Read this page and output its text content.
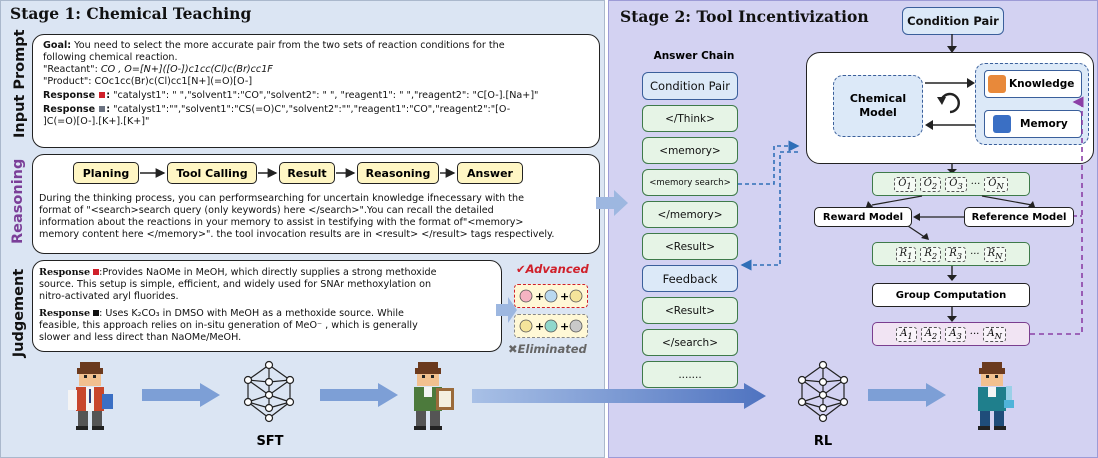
Stage 1: Chemical Teaching
Input Prompt
Reasoning
Judgement
Goal: You need to select the more accurate pair from the two sets of reaction conditions for the
following chemical reaction.
"Reactant": CO , O=[N+]([O-])c1cc(Cl)c(Br)cc1F
"Product": COc1cc(Br)c(Cl)cc1[N+](=O)[O-]
Response : "catalyst1": " ","solvent1":"CO","solvent2": " ", "reagent1": " ","reagent2": "C[O-].[Na+]"
Response : "catalyst1":"","solvent1":"CS(=O)C","solvent2":"","reagent1":"CO","reagent2":"[O-
]C(=O)[O-].[K+].[K+]"
Planing	Tool Calling	Result	Reasoning	Answer
During the thinking process, you can performsearching for uncertain knowledge ifnecessary with the
format of "<search>search query (only keywords) here </search>".You can recall the detailed
information about the reactions in your memory to assist in testifying with the format of"<memory>
memory content here </memory>". the tool invocation results are in <result> </result> tags respectively.
Response :Provides NaOMe in MeOH, which directly supplies a strong methoxide
source. This setup is simple, efficient, and widely used for SNAr methoxylation on
nitro-activated aryl fluorides.
Response : Uses K₂CO₃ in DMSO with MeOH as a methoxide source. While
feasible, this approach relies on in-situ generation of MeO⁻ , which is generally
slower and less direct than NaOMe/MeOH.
✔Advanced
+ +
+ +
✖Eliminated
SFT
Stage 2: Tool Incentivization
Answer Chain
Condition Pair
</Think>
<memory>
<memory search>
</memory>
<Result>
Feedback
<Result>
</search>
.......
Condition Pair
Chemical Model
Knowledge
Memory
$O_1$	$O_2$	$O_3$ ··· $O_N$
Reward Model	Reference Model
$R_1$	$R_2$	$R_3$ ··· $R_N$
Group Computation
$A_1$	$A_2$	$A_3$ ··· $A_N$
RL
